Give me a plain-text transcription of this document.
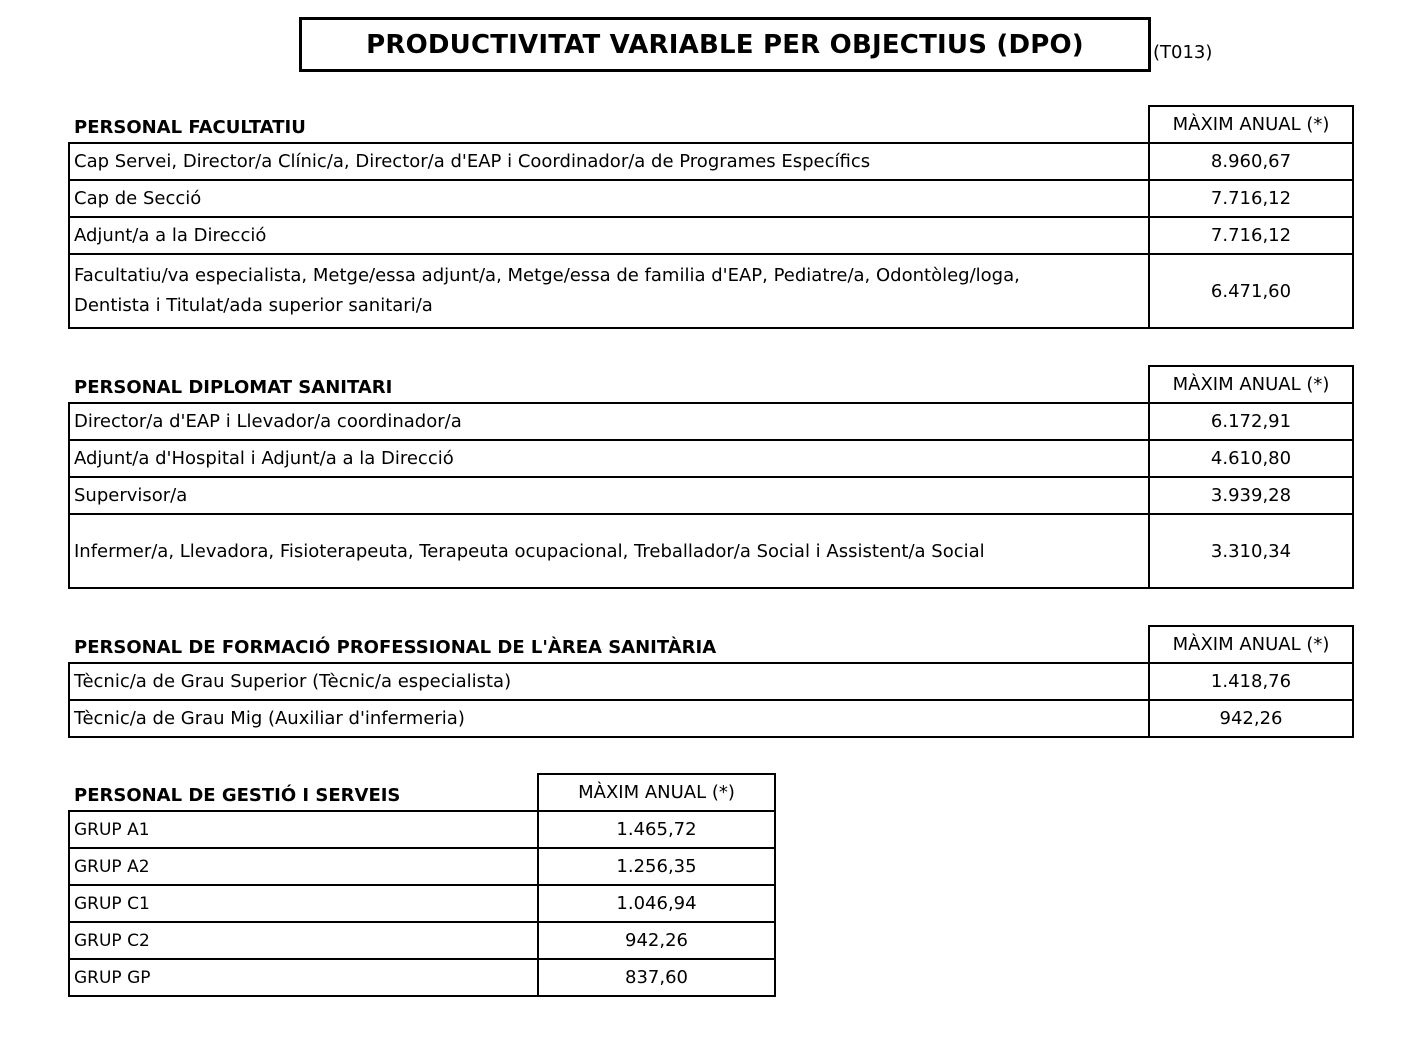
PRODUCTIVITAT VARIABLE PER OBJECTIUS (DPO)	(T013)
PERSONAL FACULTATIU	MÀXIM ANUAL (*)
Cap Servei, Director/a Clínic/a, Director/a d'EAP i Coordinador/a de Programes Específics	8.960,67
Cap de Secció	7.716,12
Adjunt/a a la Direcció	7.716,12
Facultatiu/va especialista, Metge/essa adjunt/a, Metge/essa de familia d'EAP, Pediatre/a, Odontòleg/loga, Dentista i Titulat/ada superior sanitari/a	6.471,60
PERSONAL DIPLOMAT SANITARI	MÀXIM ANUAL (*)
Director/a d'EAP i Llevador/a coordinador/a	6.172,91
Adjunt/a d'Hospital i Adjunt/a a la Direcció	4.610,80
Supervisor/a	3.939,28
Infermer/a, Llevadora, Fisioterapeuta, Terapeuta ocupacional, Treballador/a Social i Assistent/a Social	3.310,34
PERSONAL DE FORMACIÓ PROFESSIONAL DE L'ÀREA SANITÀRIA	MÀXIM ANUAL (*)
Tècnic/a de Grau Superior (Tècnic/a especialista)	1.418,76
Tècnic/a de Grau Mig (Auxiliar d'infermeria)	942,26
PERSONAL DE GESTIÓ I SERVEIS	MÀXIM ANUAL (*)
GRUP A1	1.465,72
GRUP A2	1.256,35
GRUP C1	1.046,94
GRUP C2	942,26
GRUP GP	837,60
